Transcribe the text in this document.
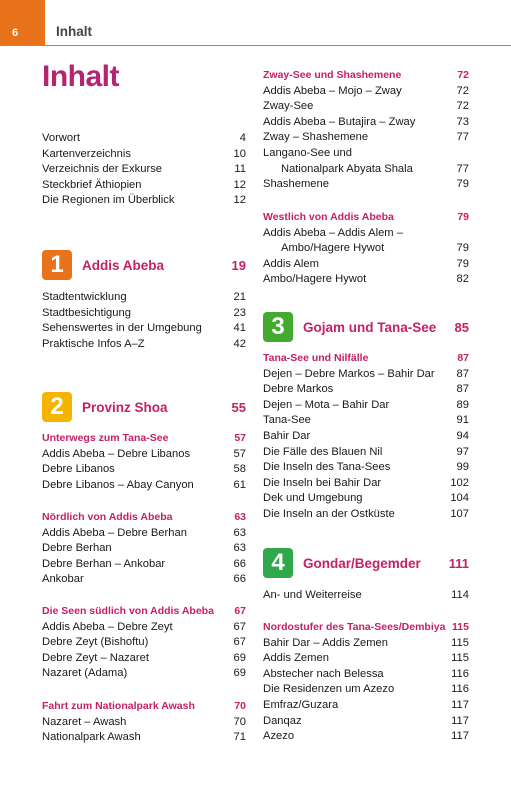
6	Inhalt
Inhalt
Vorwort	4
Kartenverzeichnis	10
Verzeichnis der Exkurse	11
Steckbrief Äthiopien	12
Die Regionen im Überblick	12
1	Addis Abeba	19
Stadtentwicklung	21
Stadtbesichtigung	23
Sehenswertes in der Umgebung	41
Praktische Infos A–Z	42
2	Provinz Shoa	55
Unterwegs zum Tana-See	57
Addis Abeba – Debre Libanos	57
Debre Libanos	58
Debre Libanos – Abay Canyon	61
Nördlich von Addis Abeba	63
Addis Abeba – Debre Berhan	63
Debre Berhan	63
Debre Berhan – Ankobar	66
Ankobar	66
Die Seen südlich von Addis Abeba 67
Addis Abeba – Debre Zeyt	67
Debre Zeyt (Bishoftu)	67
Debre Zeyt – Nazaret	69
Nazaret (Adama)	69
Fahrt zum Nationalpark Awash	70
Nazaret – Awash	70
Nationalpark Awash	71
Zway-See und Shashemene	72
Addis Abeba – Mojo – Zway	72
Zway-See	72
Addis Abeba – Butajira – Zway	73
Zway – Shashemene	77
Langano-See und
Nationalpark Abyata Shala	77
Shashemene	79
Westlich von Addis Abeba	79
Addis Abeba – Addis Alem –
Ambo/Hagere Hywot	79
Addis Alem	79
Ambo/Hagere Hywot	82
3	Gojam und Tana-See	85
Tana-See und Nilfälle	87
Dejen – Debre Markos – Bahir Dar 87
Debre Markos	87
Dejen – Mota – Bahir Dar	89
Tana-See	91
Bahir Dar	94
Die Fälle des Blauen Nil	97
Die Inseln des Tana-Sees	99
Die Inseln bei Bahir Dar	102
Dek und Umgebung	104
Die Inseln an der Ostküste	107
4	Gondar/Begemder	111
An- und Weiterreise	114
Nordostufer des Tana-Sees/Dembiya 115
Bahir Dar – Addis Zemen	115
Addis Zemen	115
Abstecher nach Belessa	116
Die Residenzen um Azezo	116
Emfraz/Guzara	117
Danqaz	117
Azezo	117
